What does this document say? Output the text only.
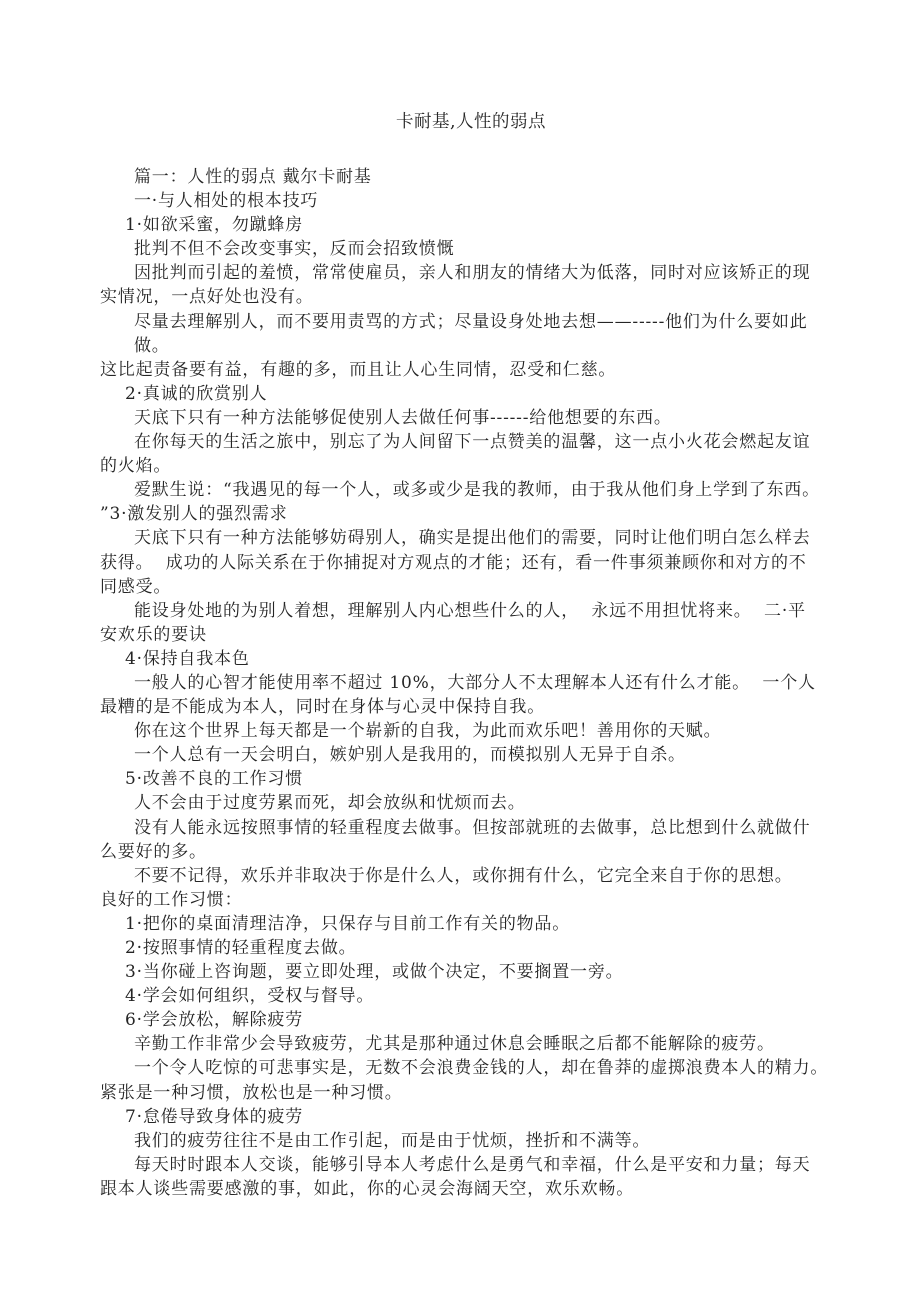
卡耐基,人性的弱点
篇一：人性的弱点 戴尔卡耐基
一·与人相处的根本技巧
1·如欲采蜜，勿蹴蜂房
批判不但不会改变事实，反而会招致愤慨
因批判而引起的羞愤，常常使雇员，亲人和朋友的情绪大为低落，同时对应该矫正的现
实情况，一点好处也没有。
尽量去理解别人，而不要用责骂的方式；尽量设身处地去想——-----他们为什么要如此做。
这比起责备要有益，有趣的多，而且让人心生同情，忍受和仁慈。
2·真诚的欣赏别人
天底下只有一种方法能够促使别人去做任何事------给他想要的东西。
在你每天的生活之旅中，别忘了为人间留下一点赞美的温馨，这一点小火花会燃起友谊
的火焰。
爱默生说：“我遇见的每一个人，或多或少是我的教师，由于我从他们身上学到了东西。
”3·激发别人的强烈需求
天底下只有一种方法能够妨碍别人，确实是提出他们的需要，同时让他们明白怎么样去
获得。  成功的人际关系在于你捕捉对方观点的才能；还有，看一件事须兼顾你和对方的不
同感受。
能设身处地的为别人着想，理解别人内心想些什么的人，  永远不用担忧将来。  二·平
安欢乐的要诀
4·保持自我本色
一般人的心智才能使用率不超过 10%，大部分人不太理解本人还有什么才能。  一个人
最糟的是不能成为本人，同时在身体与心灵中保持自我。
你在这个世界上每天都是一个崭新的自我，为此而欢乐吧！善用你的天赋。
一个人总有一天会明白，嫉妒别人是我用的，而模拟别人无异于自杀。
5·改善不良的工作习惯
人不会由于过度劳累而死，却会放纵和忧烦而去。
没有人能永远按照事情的轻重程度去做事。但按部就班的去做事，总比想到什么就做什
么要好的多。
不要不记得，欢乐并非取决于你是什么人，或你拥有什么，它完全来自于你的思想。
良好的工作习惯：
1·把你的桌面清理洁净，只保存与目前工作有关的物品。
2·按照事情的轻重程度去做。
3·当你碰上咨询题，要立即处理，或做个决定，不要搁置一旁。
4·学会如何组织，受权与督导。
6·学会放松，解除疲劳
辛勤工作非常少会导致疲劳，尤其是那种通过休息会睡眠之后都不能解除的疲劳。
一个令人吃惊的可悲事实是，无数不会浪费金钱的人，却在鲁莽的虚掷浪费本人的精力。
紧张是一种习惯，放松也是一种习惯。
7·怠倦导致身体的疲劳
我们的疲劳往往不是由工作引起，而是由于忧烦，挫折和不满等。
每天时时跟本人交谈，能够引导本人考虑什么是勇气和幸福，什么是平安和力量；每天
跟本人谈些需要感激的事，如此，你的心灵会海阔天空，欢乐欢畅。
